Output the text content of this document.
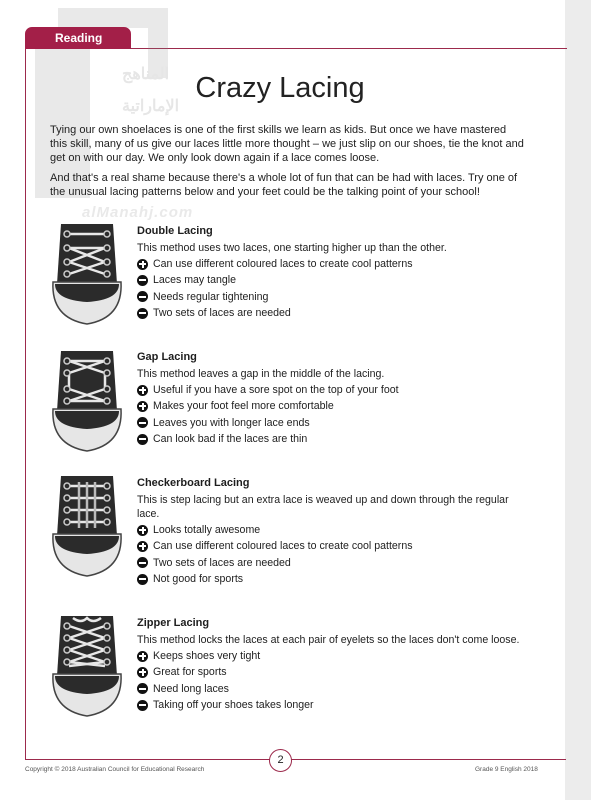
المناهج
الإماراتية
alManahj.com
Reading
Crazy Lacing

Tying our own shoelaces is one of the first skills we learn as kids. But once we have mastered this skill, many of us give our laces little more thought – we just slip on our shoes, tie the knot and get on with our day. We only look down again if a lace comes loose.

And that's a real shame because there's a whole lot of fun that can be had with laces. Try one of the unusual lacing patterns below and your feet could be the talking point of your school!

Double Lacing
This method uses two laces, one starting higher up than the other.
Can use different coloured laces to create cool patterns
Laces may tangle
Needs regular tightening
Two sets of laces are needed
Gap Lacing
This method leaves a gap in the middle of the lacing.
Useful if you have a sore spot on the top of your foot
Makes your foot feel more comfortable
Leaves you with longer lace ends
Can look bad if the laces are thin
Checkerboard Lacing
This is step lacing but an extra lace is weaved up and down through the regular lace.
Looks totally awesome
Can use different coloured laces to create cool patterns
Two sets of laces are needed
Not good for sports
Zipper Lacing
This method locks the laces at each pair of eyelets so the laces don't come loose.
Keeps shoes very tight
Great for sports
Need long laces
Taking off your shoes takes longer
2
Copyright © 2018 Australian Council for Educational Research	Grade 9 English 2018
